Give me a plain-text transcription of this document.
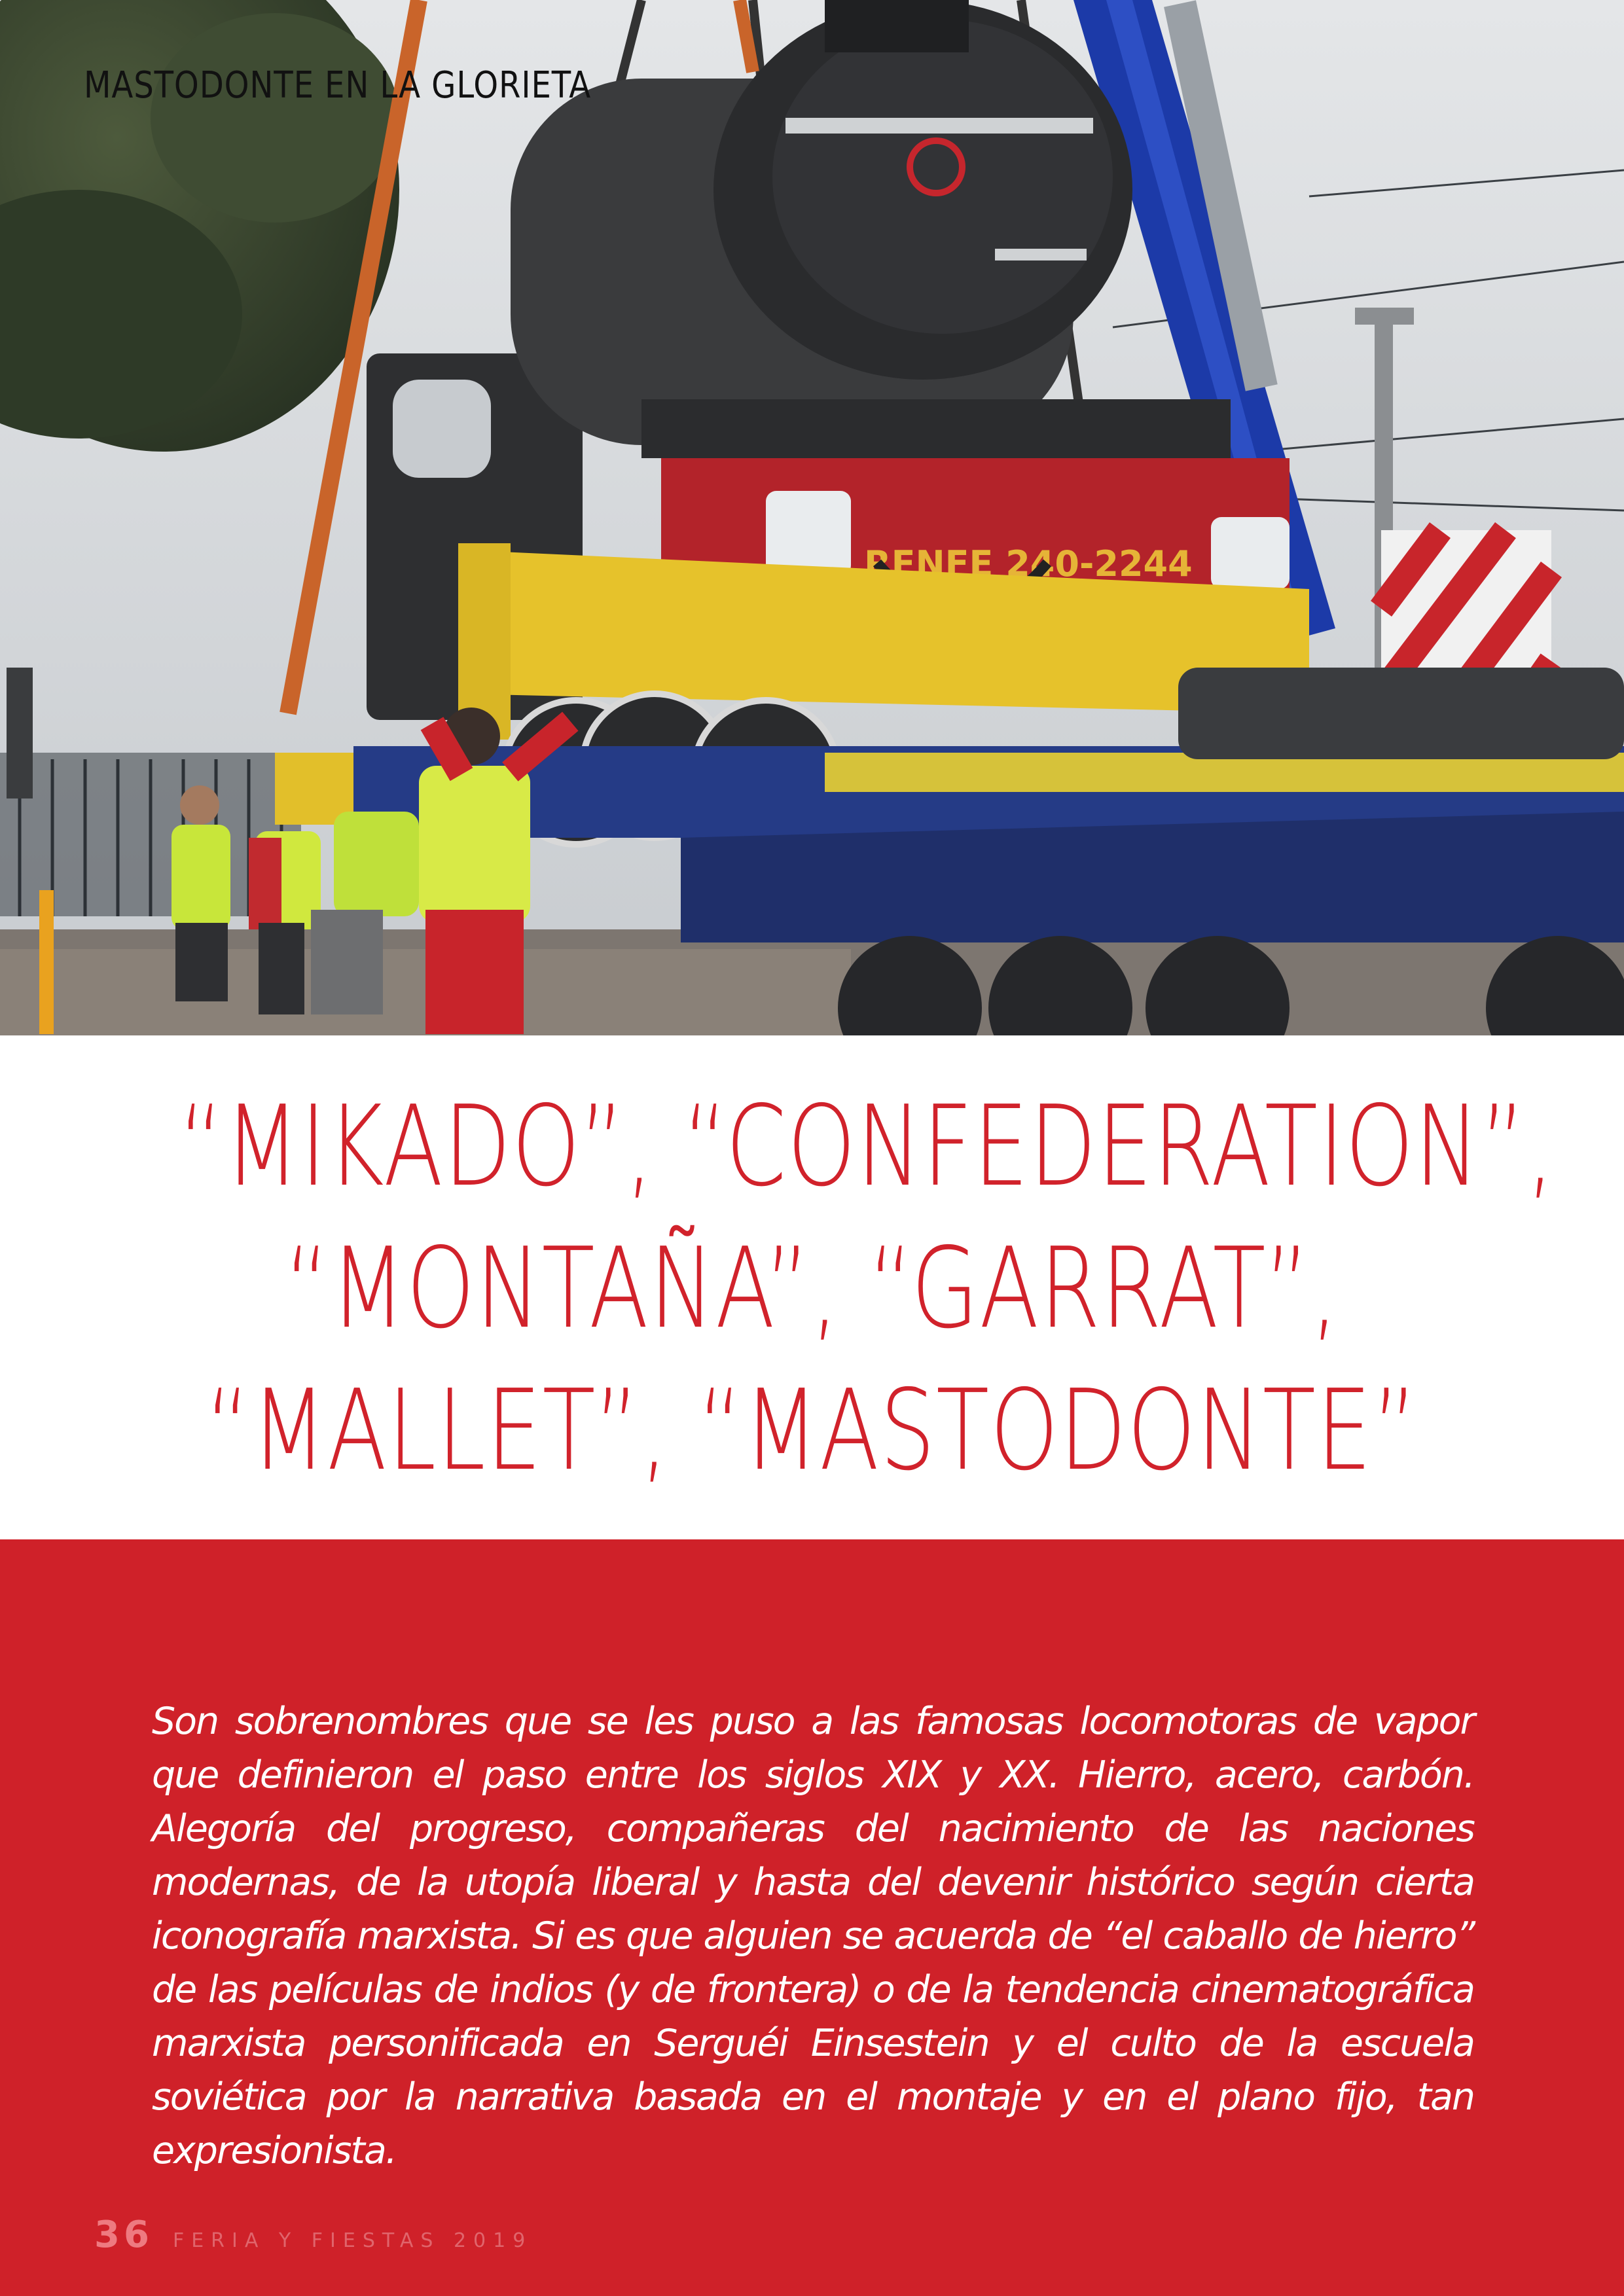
RENFE 240-2244
MASTODONTE EN LA GLORIETA
“MIKADO”, “CONFEDERATION”,
“MONTAÑA”, “GARRAT”,
“MALLET”, “MASTODONTE”

Son sobrenombres que se les puso a las famosas locomotoras de vapor que definieron el paso entre los siglos XIX y XX. Hierro, acero, carbón. Alegoría del progreso, compañeras del nacimiento de las naciones modernas, de la utopía liberal y hasta del devenir histórico según cierta iconografía marxista. Si es que alguien se acuerda de “el caballo de hierro” de las películas de indios (y de frontera) o de la tendencia cinematográfica marxista personificada en Serguéi Einsestein y el culto de la escuela soviética por la narrativa basada en el montaje y en el plano fijo, tan expresionista.

36 FERIA Y FIESTAS 2019
